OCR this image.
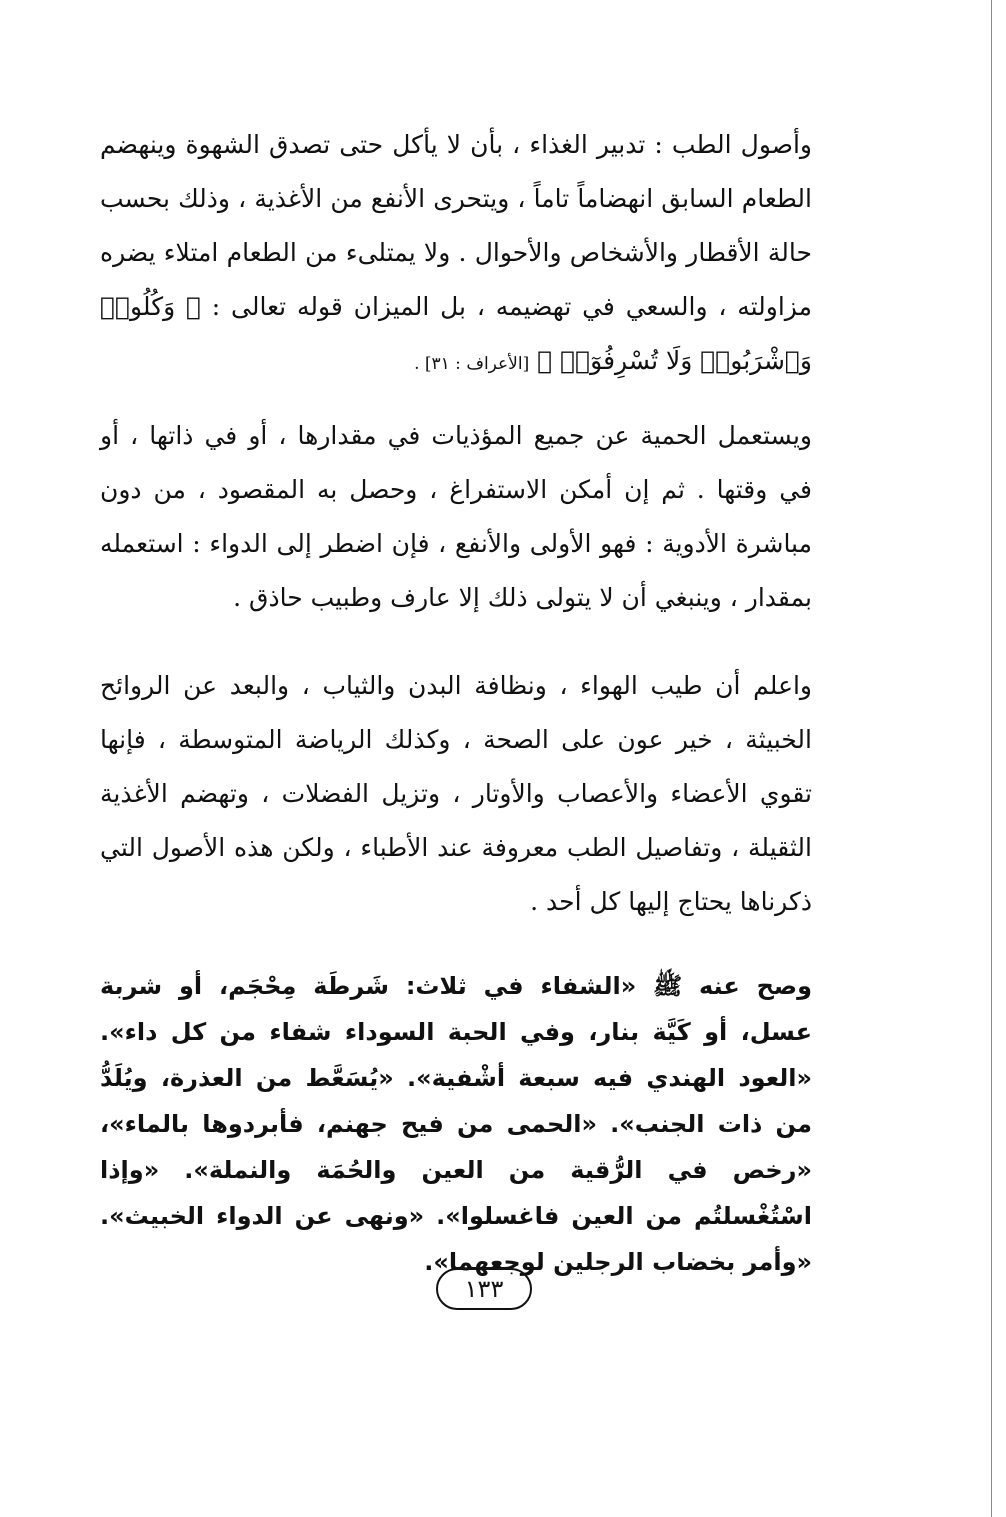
وأصول الطب : تدبير الغذاء ، بأن لا يأكل حتى تصدق الشهوة وينهضم الطعام السابق انهضاماً تاماً ، ويتحرى الأنفع من الأغذية ، وذلك بحسب حالة الأقطار والأشخاص والأحوال . ولا يمتلىء من الطعام امتلاء يضره مزاولته ، والسعي في تهضيمه ، بل الميزان قوله تعالى : ﴿ وَكُلُوا۟ وَٱشْرَبُوا۟ وَلَا تُسْرِفُوٓا۟ ﴾ [الأعراف : ٣١] .

ويستعمل الحمية عن جميع المؤذيات في مقدارها ، أو في ذاتها ، أو في وقتها . ثم إن أمكن الاستفراغ ، وحصل به المقصود ، من دون مباشرة الأدوية : فهو الأولى والأنفع ، فإن اضطر إلى الدواء : استعمله بمقدار ، وينبغي أن لا يتولى ذلك إلا عارف وطبيب حاذق .

واعلم أن طيب الهواء ، ونظافة البدن والثياب ، والبعد عن الروائح الخبيثة ، خير عون على الصحة ، وكذلك الرياضة المتوسطة ، فإنها تقوي الأعضاء والأعصاب والأوتار ، وتزيل الفضلات ، وتهضم الأغذية الثقيلة ، وتفاصيل الطب معروفة عند الأطباء ، ولكن هذه الأصول التي ذكرناها يحتاج إليها كل أحد .

وصح عنه ﷺ «الشفاء في ثلاث: شَرطَة مِحْجَم، أو شربة عسل، أو كَيَّة بنار، وفي الحبة السوداء شفاء من كل داء». «العود الهندي فيه سبعة أشْفية». «يُسَعَّط من العذرة، ويُلَدُّ من ذات الجنب». «الحمى من فيح جهنم، فأبردوها بالماء»، «رخص في الرُّقية من العين والحُمَة والنملة». «وإذا اسْتُغْسلتُم من العين فاغسلوا». «ونهى عن الدواء الخبيث». «وأمر بخضاب الرجلين لوجعهما».

١٣٣
